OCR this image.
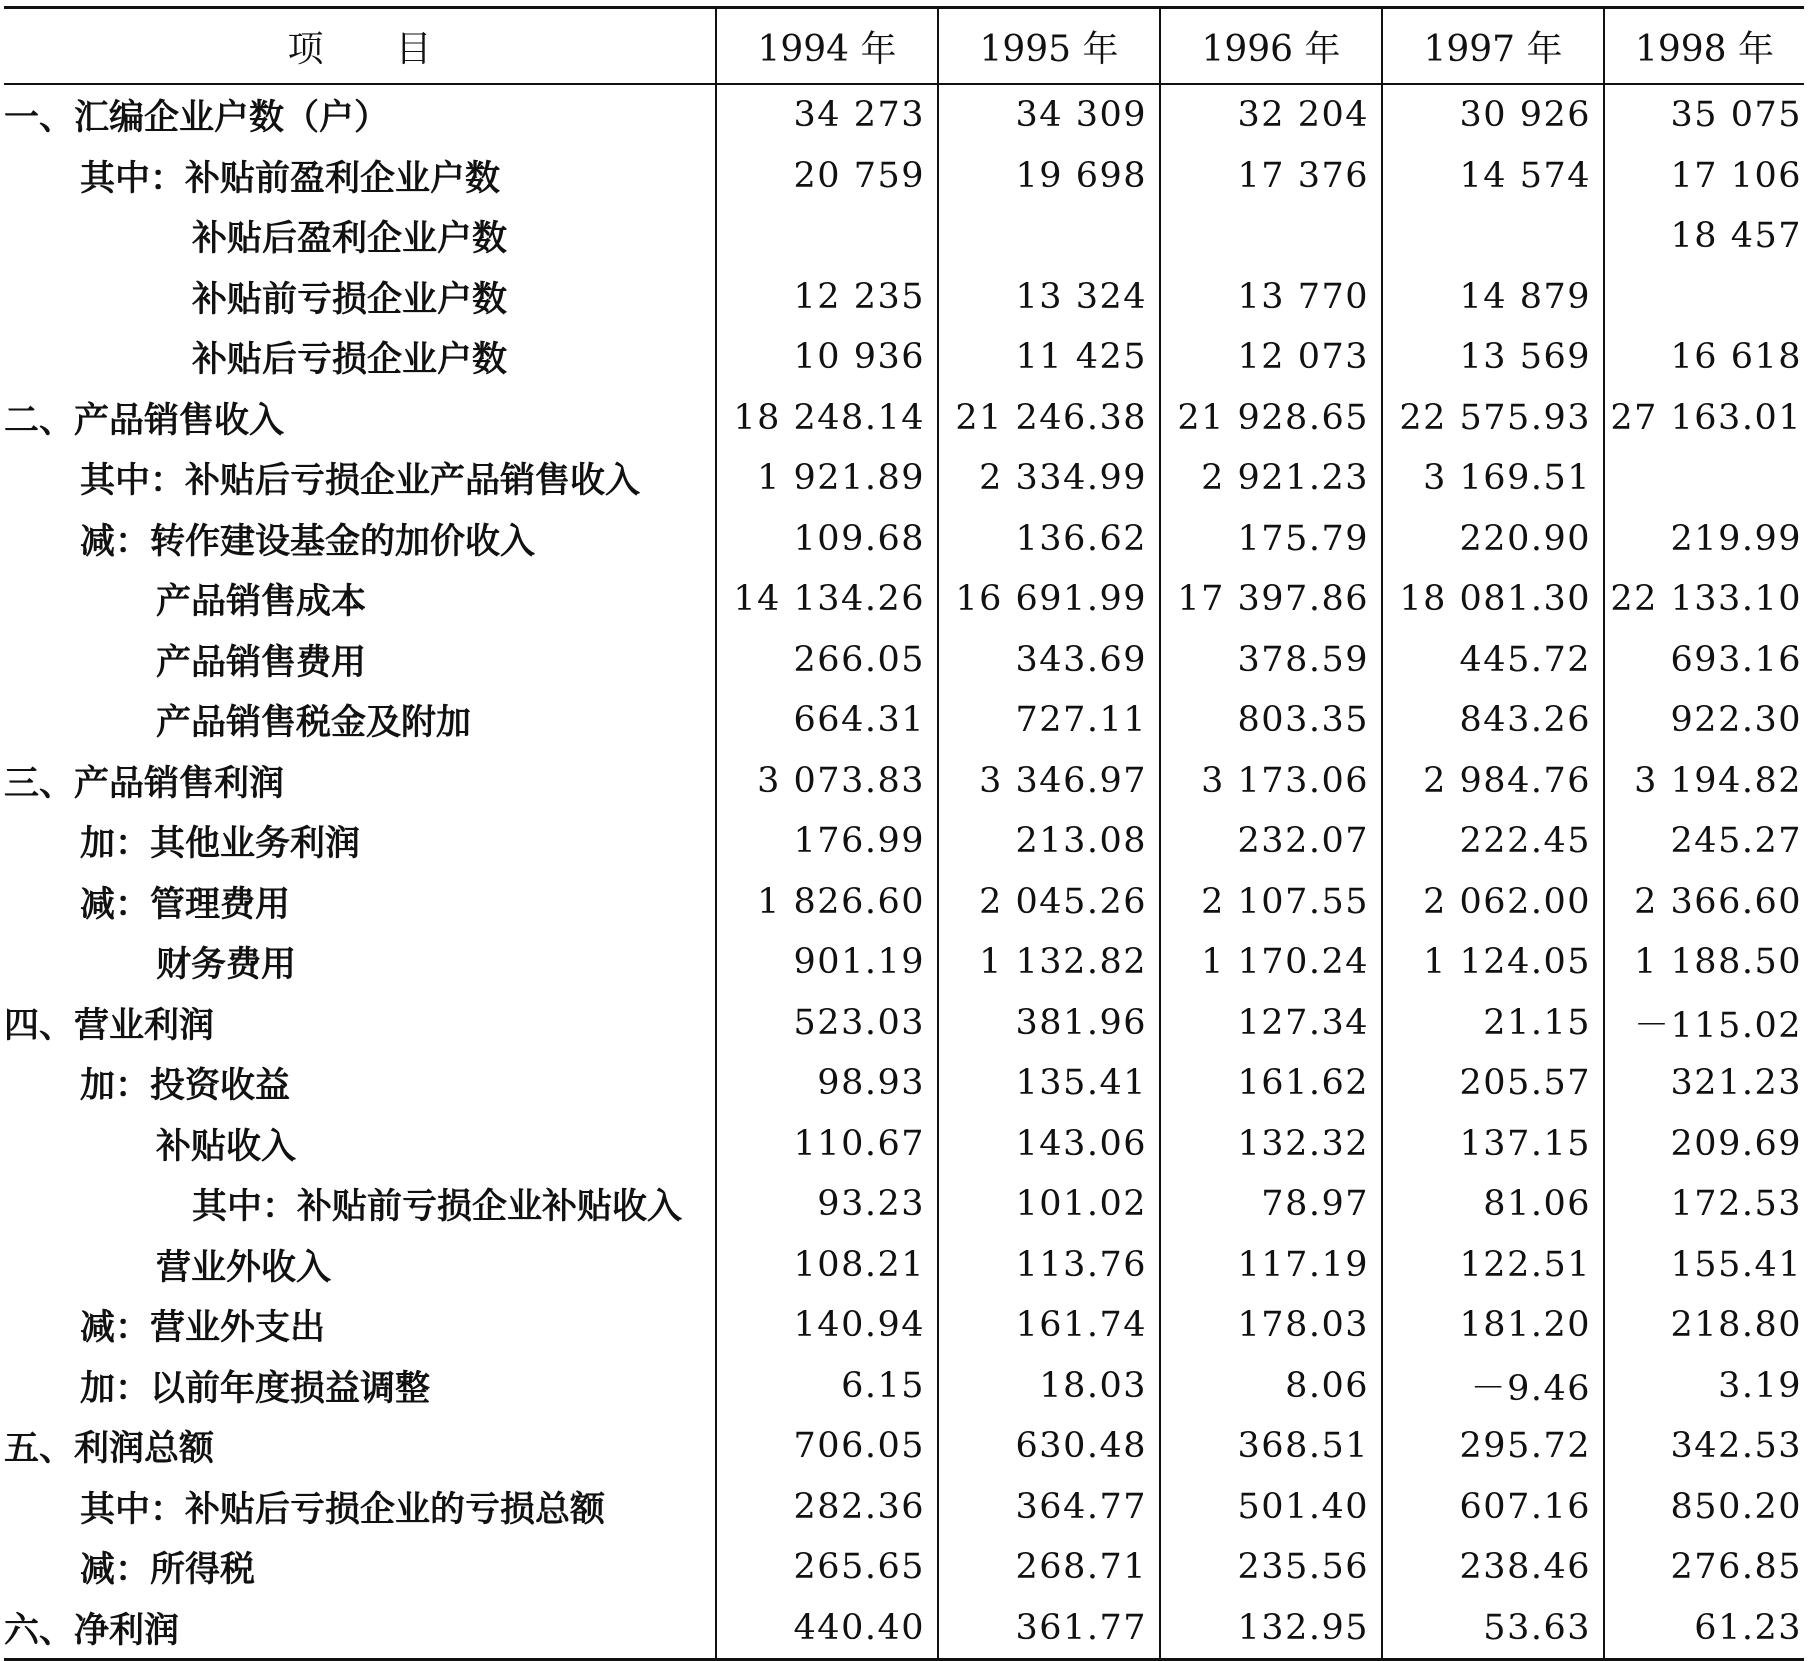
项　　目	1994 年	1995 年	1996 年	1997 年	1998 年
一、汇编企业户数（户）	34 273	34 309	32 204	30 926	35 075
其中：补贴前盈利企业户数	20 759	19 698	17 376	14 574	17 106
补贴后盈利企业户数					18 457
补贴前亏损企业户数	12 235	13 324	13 770	14 879	
补贴后亏损企业户数	10 936	11 425	12 073	13 569	16 618
二、产品销售收入	18 248.14	21 246.38	21 928.65	22 575.93	27 163.01
其中：补贴后亏损企业产品销售收入	1 921.89	2 334.99	2 921.23	3 169.51	
减：转作建设基金的加价收入	109.68	136.62	175.79	220.90	219.99
产品销售成本	14 134.26	16 691.99	17 397.86	18 081.30	22 133.10
产品销售费用	266.05	343.69	378.59	445.72	693.16
产品销售税金及附加	664.31	727.11	803.35	843.26	922.30
三、产品销售利润	3 073.83	3 346.97	3 173.06	2 984.76	3 194.82
加：其他业务利润	176.99	213.08	232.07	222.45	245.27
减：管理费用	1 826.60	2 045.26	2 107.55	2 062.00	2 366.60
财务费用	901.19	1 132.82	1 170.24	1 124.05	1 188.50
四、营业利润	523.03	381.96	127.34	21.15	－115.02
加：投资收益	98.93	135.41	161.62	205.57	321.23
补贴收入	110.67	143.06	132.32	137.15	209.69
其中：补贴前亏损企业补贴收入	93.23	101.02	78.97	81.06	172.53
营业外收入	108.21	113.76	117.19	122.51	155.41
减：营业外支出	140.94	161.74	178.03	181.20	218.80
加：以前年度损益调整	6.15	18.03	8.06	－9.46	3.19
五、利润总额	706.05	630.48	368.51	295.72	342.53
其中：补贴后亏损企业的亏损总额	282.36	364.77	501.40	607.16	850.20
减：所得税	265.65	268.71	235.56	238.46	276.85
六、净利润	440.40	361.77	132.95	53.63	61.23
